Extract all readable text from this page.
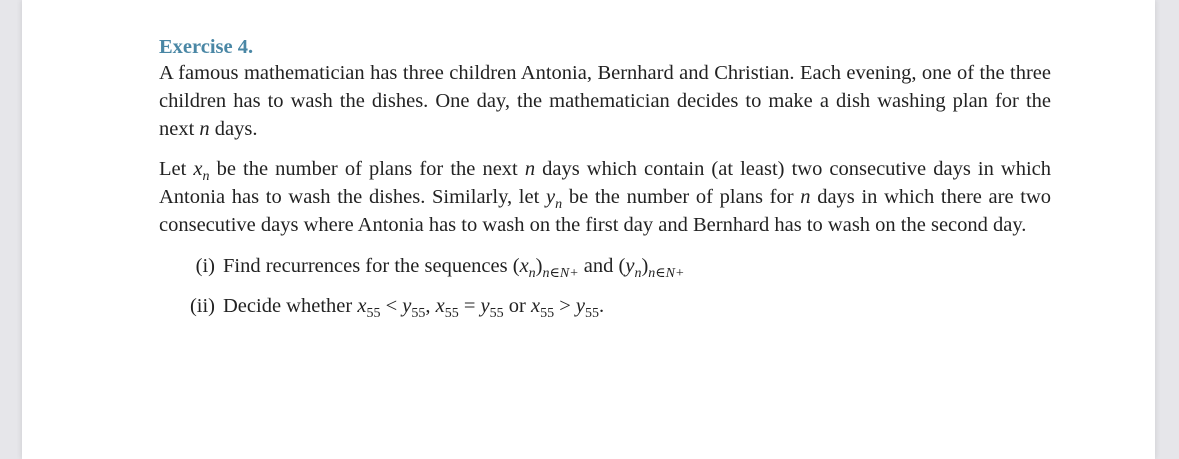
Exercise 4.

A famous mathematician has three children Antonia, Bernhard and Christian. Each evening, one of the three children has to wash the dishes. One day, the mathematician decides to make a dish washing plan for the next n days.

Let $x_n$ be the number of plans for the next n days which contain (at least) two consecutive days in which Antonia has to wash the dishes. Similarly, let $y_n$ be the number of plans for n days in which there are two consecutive days where Antonia has to wash on the first day and Bernhard has to wash on the second day.

(i) Find recurrences for the sequences $(x_n)_{n\in N+}$ and $(y_n)_{n\in N+}$
(ii) Decide whether $x_{55} < y_{55}$, $x_{55} = y_{55}$ or $x_{55} > y_{55}$.
